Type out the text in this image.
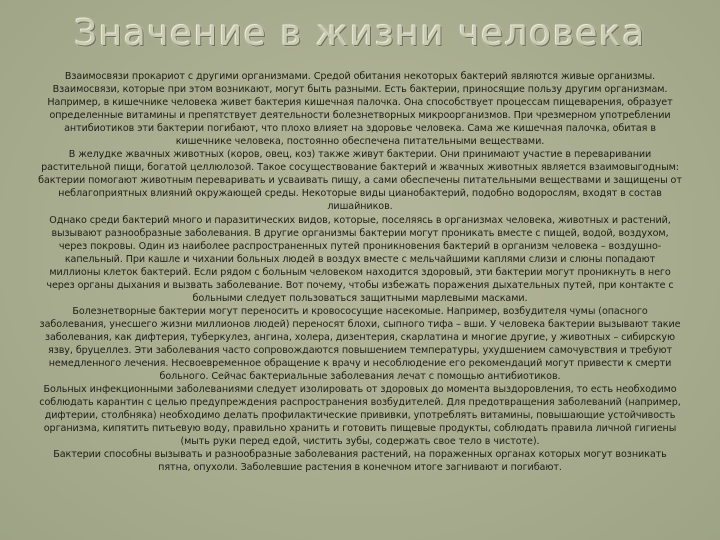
Значение в жизни человека

Взаимосвязи прокариот с другими организмами. Средой обитания некоторых бактерий являются живые организмы. Взаимосвязи, которые при этом возникают, могут быть разными. Есть бактерии, приносящие пользу другим организмам. Например, в кишечнике человека живет бактерия кишечная палочка. Она способствует процессам пищеварения, образует определенные витамины и препятствует деятельности болезнетворных микроорганизмов. При чрезмерном употреблении антибиотиков эти бактерии погибают, что плохо влияет на здоровье человека. Сама же кишечная палочка, обитая в кишечнике человека, постоянно обеспечена питательными веществами.

В желудке жвачных животных (коров, овец, коз) также живут бактерии. Они принимают участие в переваривании растительной пищи, богатой целлюлозой. Такое сосуществование бактерий и жвачных животных является взаимовыгодным: бактерии помогают животным переваривать и усваивать пищу, а сами обеспечены питательными веществами и защищены от неблагоприятных влияний окружающей среды. Некоторые виды цианобактерий, подобно водорослям, входят в состав лишайников.

Однако среди бактерий много и паразитических видов, которые, поселяясь в организмах человека, животных и растений, вызывают разнообразные заболевания. В другие организмы бактерии могут проникать вместе с пищей, водой, воздухом, через покровы. Один из наиболее распространенных путей проникновения бактерий в организм человека – воздушно-капельный. При кашле и чихании больных людей в воздух вместе с мельчайшими каплями слизи и слюны попадают миллионы клеток бактерий. Если рядом с больным человеком находится здоровый, эти бактерии могут проникнуть в него через органы дыхания и вызвать заболевание. Вот почему, чтобы избежать поражения дыхательных путей, при контакте с больными следует пользоваться защитными марлевыми масками.

Болезнетворные бактерии могут переносить и кровососущие насекомые. Например, возбудителя чумы (опасного заболевания, унесшего жизни миллионов людей) переносят блохи, сыпного тифа – вши. У человека бактерии вызывают такие заболевания, как дифтерия, туберкулез, ангина, холера, дизентерия, скарлатина и многие другие, у животных – сибирскую язву, бруцеллез. Эти заболевания часто сопровождаются повышением температуры, ухудшением самочувствия и требуют немедленного лечения. Несвоевременное обращение к врачу и несоблюдение его рекомендаций могут привести к смерти больного. Сейчас бактериальные заболевания лечат с помощью антибиотиков.

Больных инфекционными заболеваниями следует изолировать от здоровых до момента выздоровления, то есть необходимо соблюдать карантин с целью предупреждения распространения возбудителей. Для предотвращения заболеваний (например, дифтерии, столбняка) необходимо делать профилактические прививки, употреблять витамины, повышающие устойчивость организма, кипятить питьевую воду, правильно хранить и готовить пищевые продукты, соблюдать правила личной гигиены (мыть руки перед едой, чистить зубы, содержать свое тело в чистоте).

Бактерии способны вызывать и разнообразные заболевания растений, на пораженных органах которых могут возникать пятна, опухоли. Заболевшие растения в конечном итоге загнивают и погибают.
